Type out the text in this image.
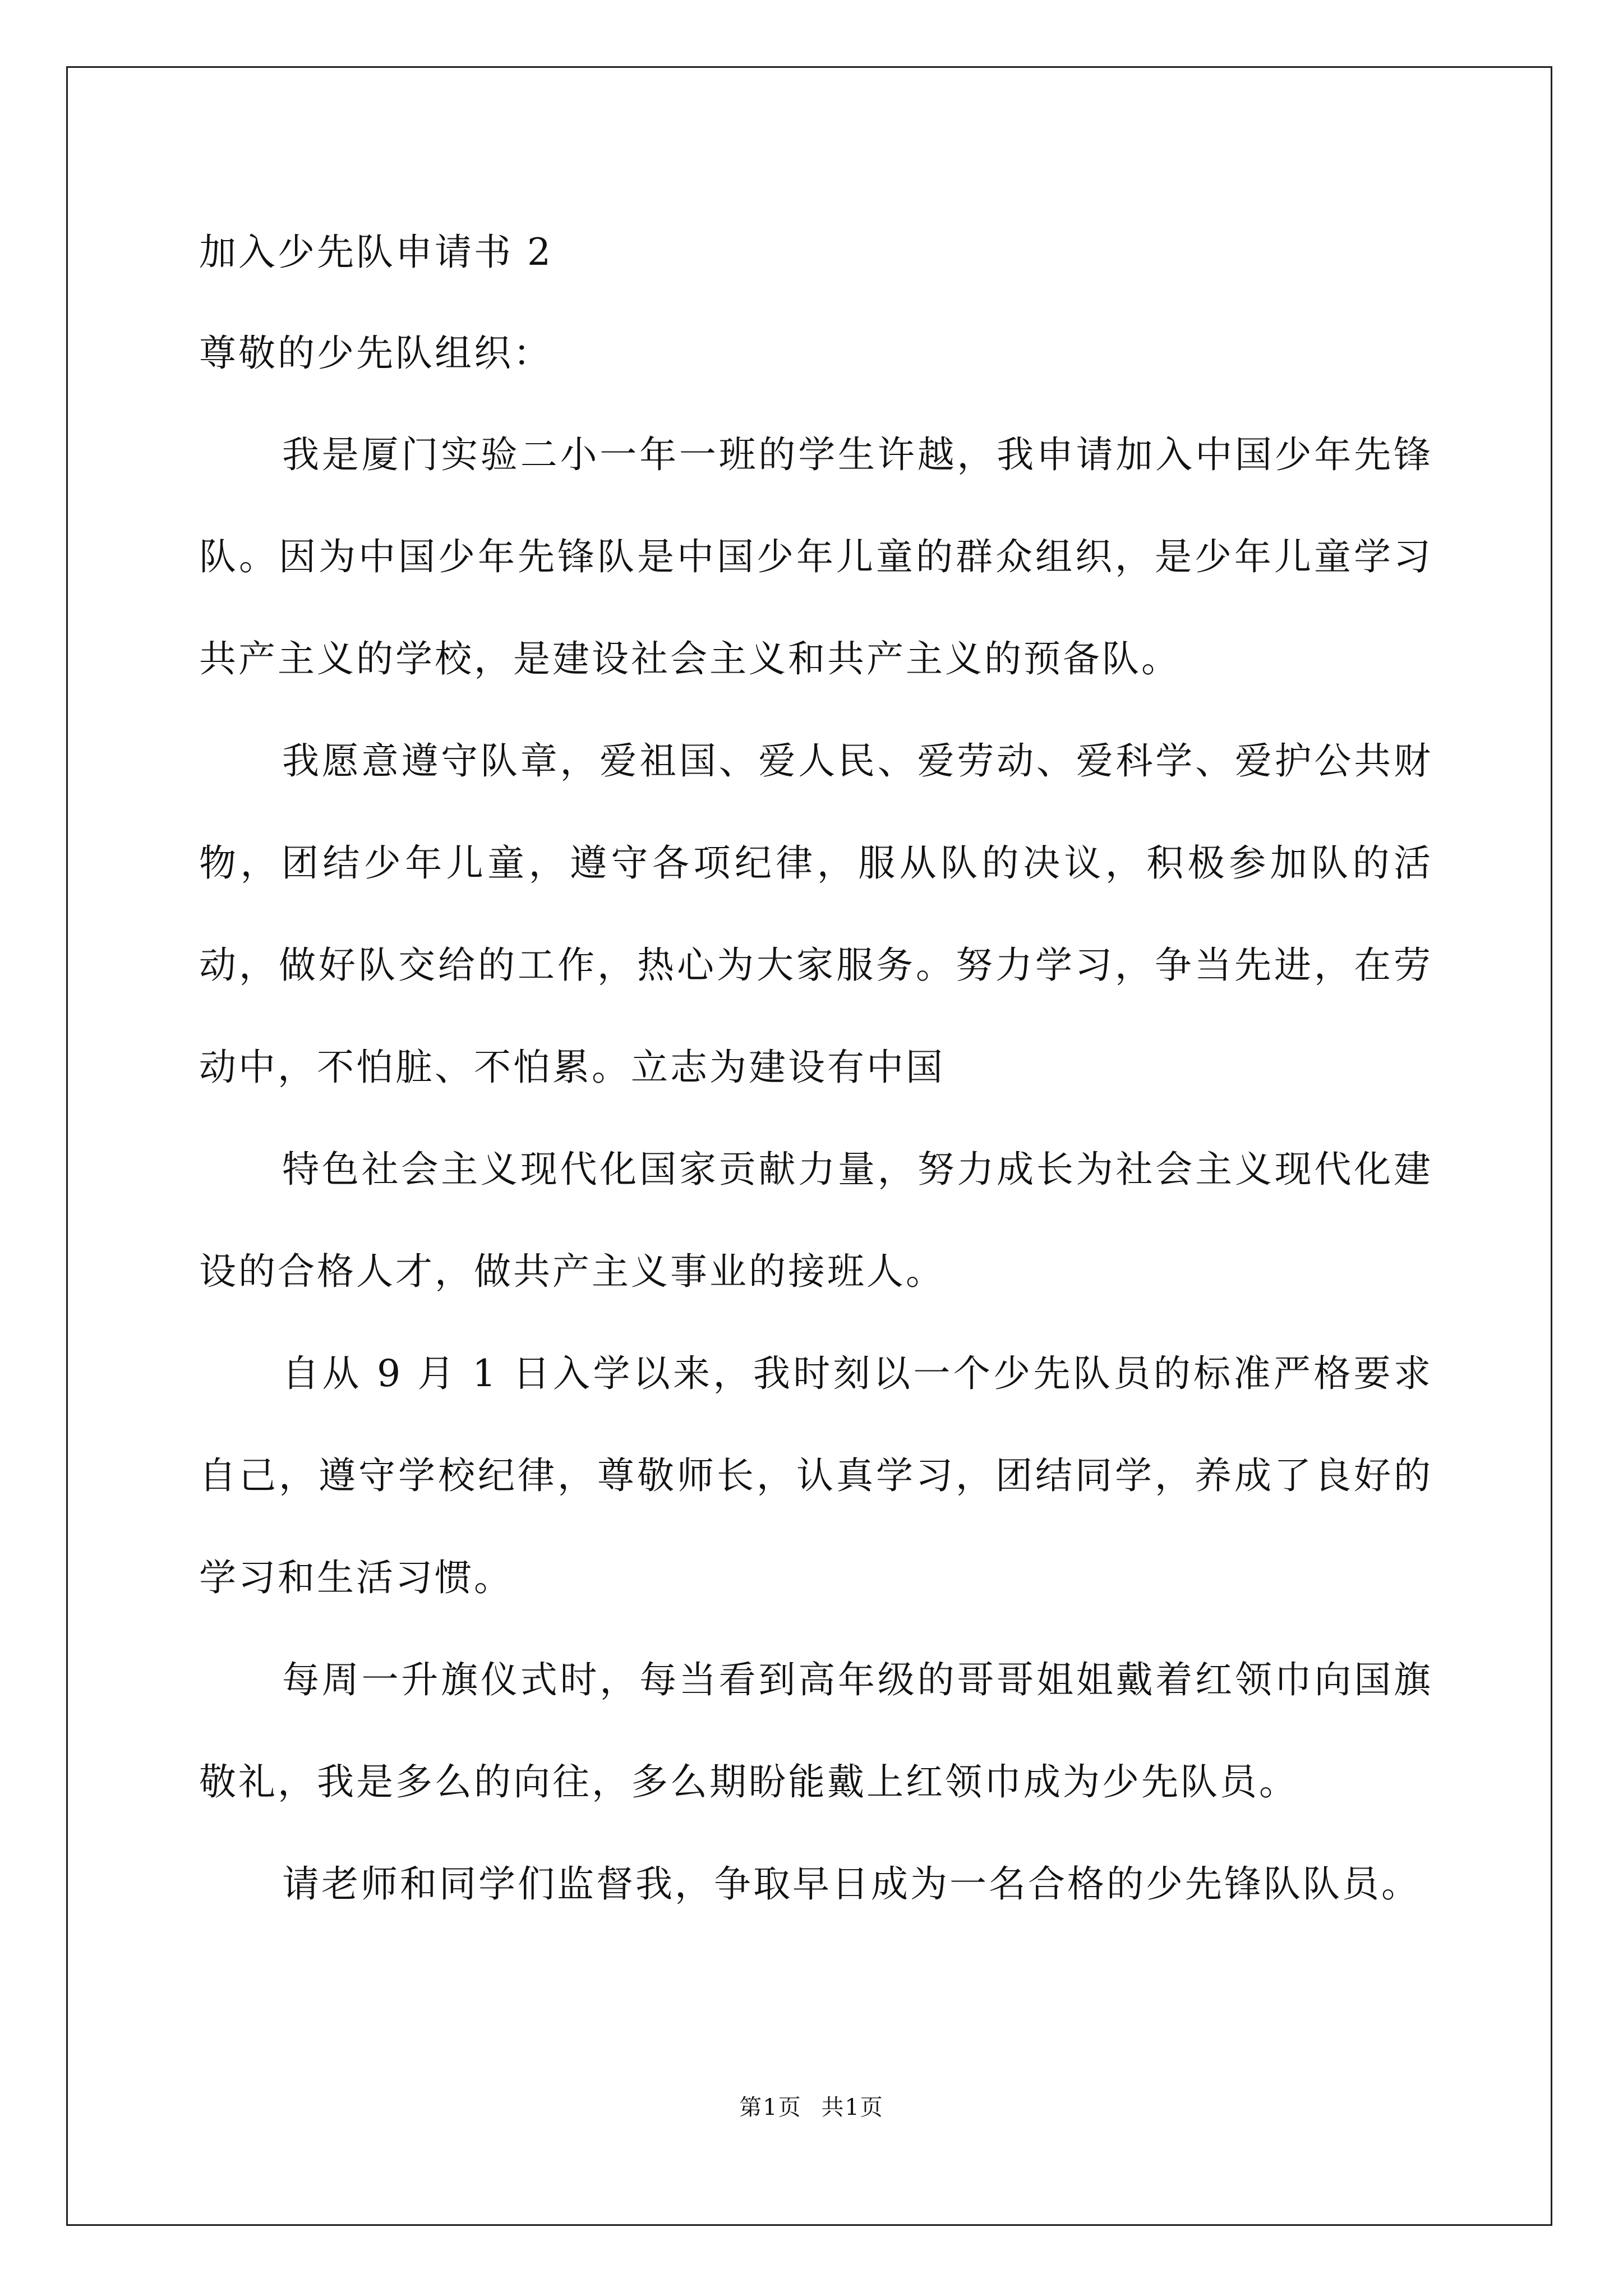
加入少先队申请书 2
尊敬的少先队组织：

我是厦门实验二小一年一班的学生许越，我申请加入中国少年先锋队。因为中国少年先锋队是中国少年儿童的群众组织，是少年儿童学习共产主义的学校，是建设社会主义和共产主义的预备队。

我愿意遵守队章，爱祖国、爱人民、爱劳动、爱科学、爱护公共财物，团结少年儿童，遵守各项纪律，服从队的决议，积极参加队的活动，做好队交给的工作，热心为大家服务。努力学习，争当先进，在劳动中，不怕脏、不怕累。立志为建设有中国

特色社会主义现代化国家贡献力量，努力成长为社会主义现代化建设的合格人才，做共产主义事业的接班人。

自从 9 月 1 日入学以来，我时刻以一个少先队员的标准严格要求自己，遵守学校纪律，尊敬师长，认真学习，团结同学，养成了良好的学习和生活习惯。

每周一升旗仪式时，每当看到高年级的哥哥姐姐戴着红领巾向国旗敬礼，我是多么的向往，多么期盼能戴上红领巾成为少先队员。

请老师和同学们监督我，争取早日成为一名合格的少先锋队队员。

第1页 共1页
